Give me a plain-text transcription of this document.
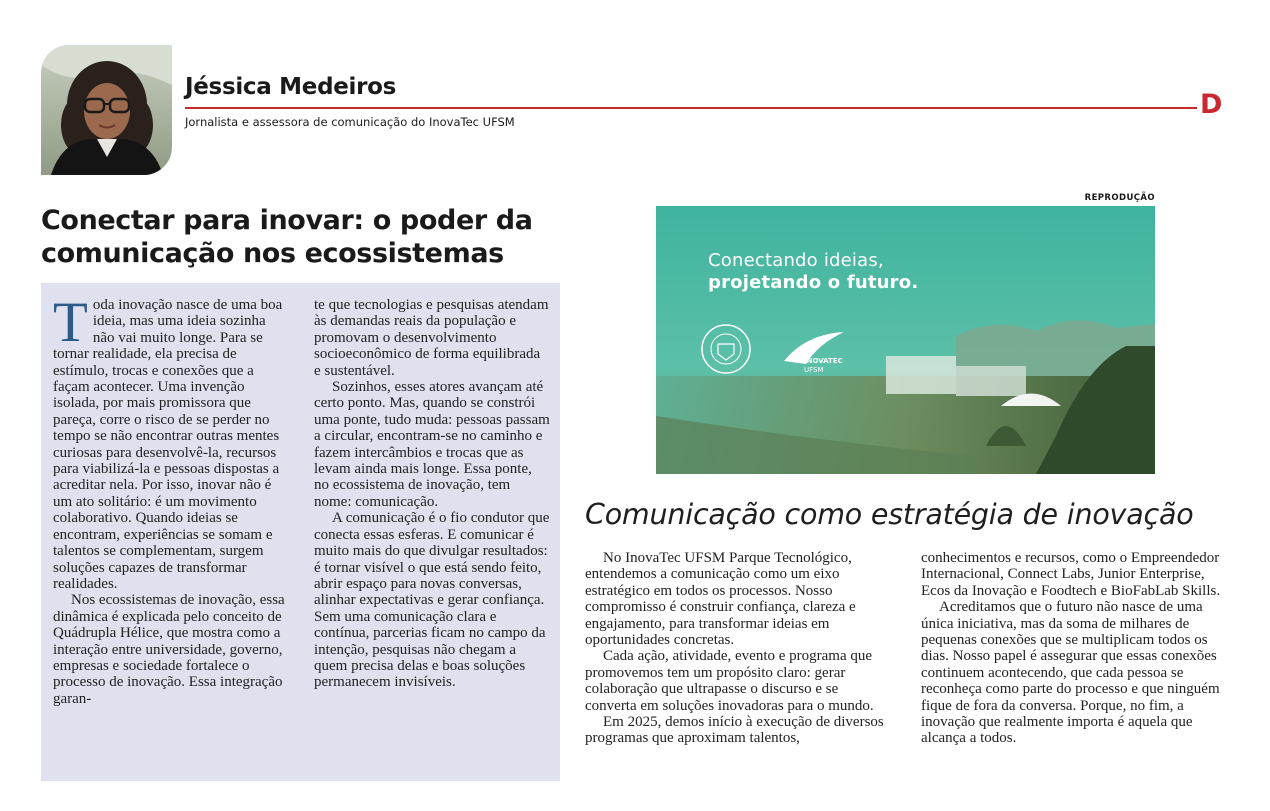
Jéssica Medeiros
Jornalista e assessora de comunicação do InovaTec UFSM
D
Conectar para inovar: o poder da
comunicação nos ecossistemas

Toda inovação nasce de uma boa ideia, mas uma ideia sozinha não vai muito longe. Para se tornar realidade, ela precisa de estímulo, trocas e conexões que a façam acontecer. Uma invenção isolada, por mais promissora que pareça, corre o risco de se perder no tempo se não encontrar outras mentes curiosas para desenvolvê-la, recursos para viabilizá-la e pessoas dispostas a acreditar nela. Por isso, inovar não é um ato solitário: é um movimento colaborativo. Quando ideias se encontram, experiências se somam e talentos se complementam, surgem soluções capazes de transformar realidades.

Nos ecossistemas de inovação, essa dinâmica é explicada pelo conceito de Quádrupla Hélice, que mostra como a interação entre universidade, governo, empresas e sociedade fortalece o processo de inovação. Essa integração garan-

te que tecnologias e pesquisas atendam às demandas reais da população e promovam o desenvolvimento socioeconômico de forma equilibrada e sustentável.

Sozinhos, esses atores avançam até certo ponto. Mas, quando se constrói uma ponte, tudo muda: pessoas passam a circular, encontram-se no caminho e fazem intercâmbios e trocas que as levam ainda mais longe. Essa ponte, no ecossistema de inovação, tem nome: comunicação.

A comunicação é o fio condutor que conecta essas esferas. E comunicar é muito mais do que divulgar resultados: é tornar visível o que está sendo feito, abrir espaço para novas conversas, alinhar expectativas e gerar confiança. Sem uma comunicação clara e contínua, parcerias ficam no campo da intenção, pesquisas não chegam a quem precisa delas e boas soluções permanecem invisíveis.

REPRODUÇÃO
INOVATEC
UFSM
Conectando ideias,
projetando o futuro.
Comunicação como estratégia de inovação

No InovaTec UFSM Parque Tecnológico, entendemos a comunicação como um eixo estratégico em todos os processos. Nosso compromisso é construir confiança, clareza e engajamento, para transformar ideias em oportunidades concretas.

Cada ação, atividade, evento e programa que promovemos tem um propósito claro: gerar colaboração que ultrapasse o discurso e se converta em soluções inovadoras para o mundo.

Em 2025, demos início à execução de diversos programas que aproximam talentos,

conhecimentos e recursos, como o Empreendedor Internacional, Connect Labs, Junior Enterprise, Ecos da Inovação e Foodtech e BioFabLab Skills.

Acreditamos que o futuro não nasce de uma única iniciativa, mas da soma de milhares de pequenas conexões que se multiplicam todos os dias. Nosso papel é assegurar que essas conexões continuem acontecendo, que cada pessoa se reconheça como parte do processo e que ninguém fique de fora da conversa. Porque, no fim, a inovação que realmente importa é aquela que alcança a todos.
